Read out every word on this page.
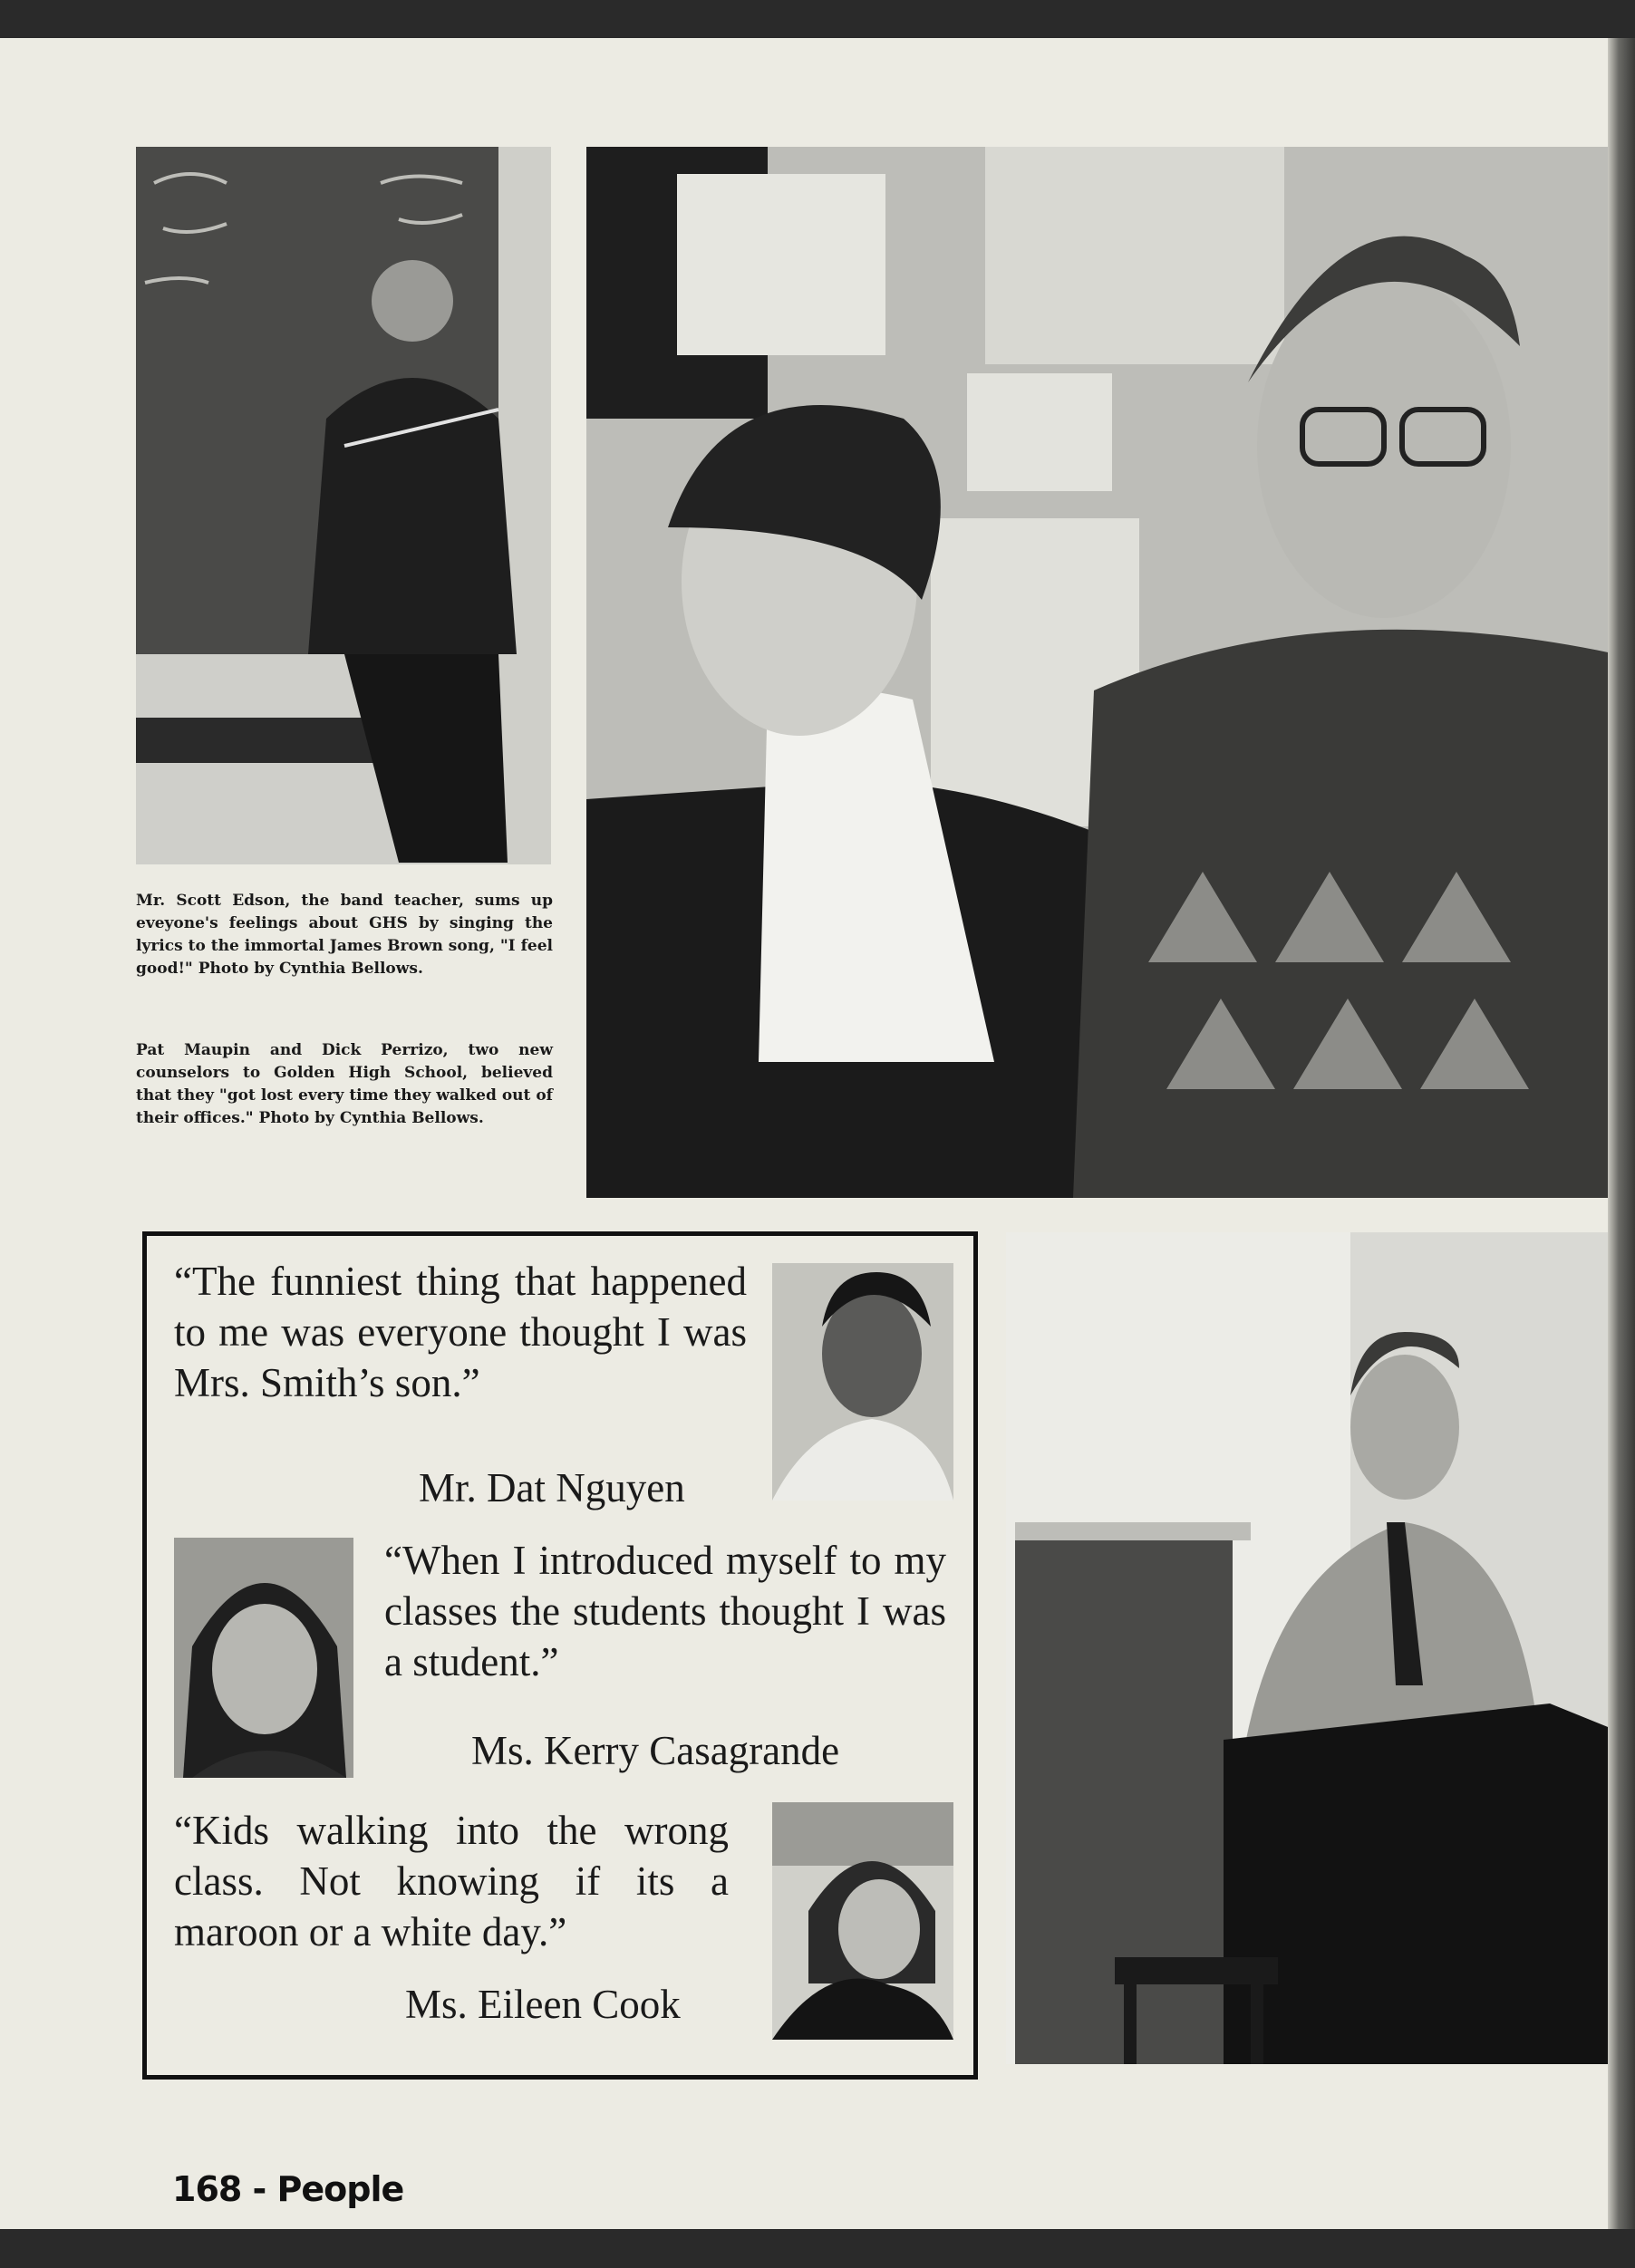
Mr. Scott Edson, the band teacher, sums up eveyone's feelings about GHS by singing the lyrics to the immortal James Brown song, "I feel good!" Photo by Cynthia Bellows.
Pat Maupin and Dick Perrizo, two new counselors to Golden High School, believed that they "got lost every time they walked out of their offices." Photo by Cynthia Bellows.
“The funniest thing that happened to me was everyone thought I was Mrs. Smith’s son.”
Mr. Dat Nguyen
“When I introduced myself to my classes the students thought I was a student.”
Ms. Kerry Casagrande
“Kids walking into the wrong class. Not knowing if its a maroon or a white day.”
Ms. Eileen Cook
168 - People
